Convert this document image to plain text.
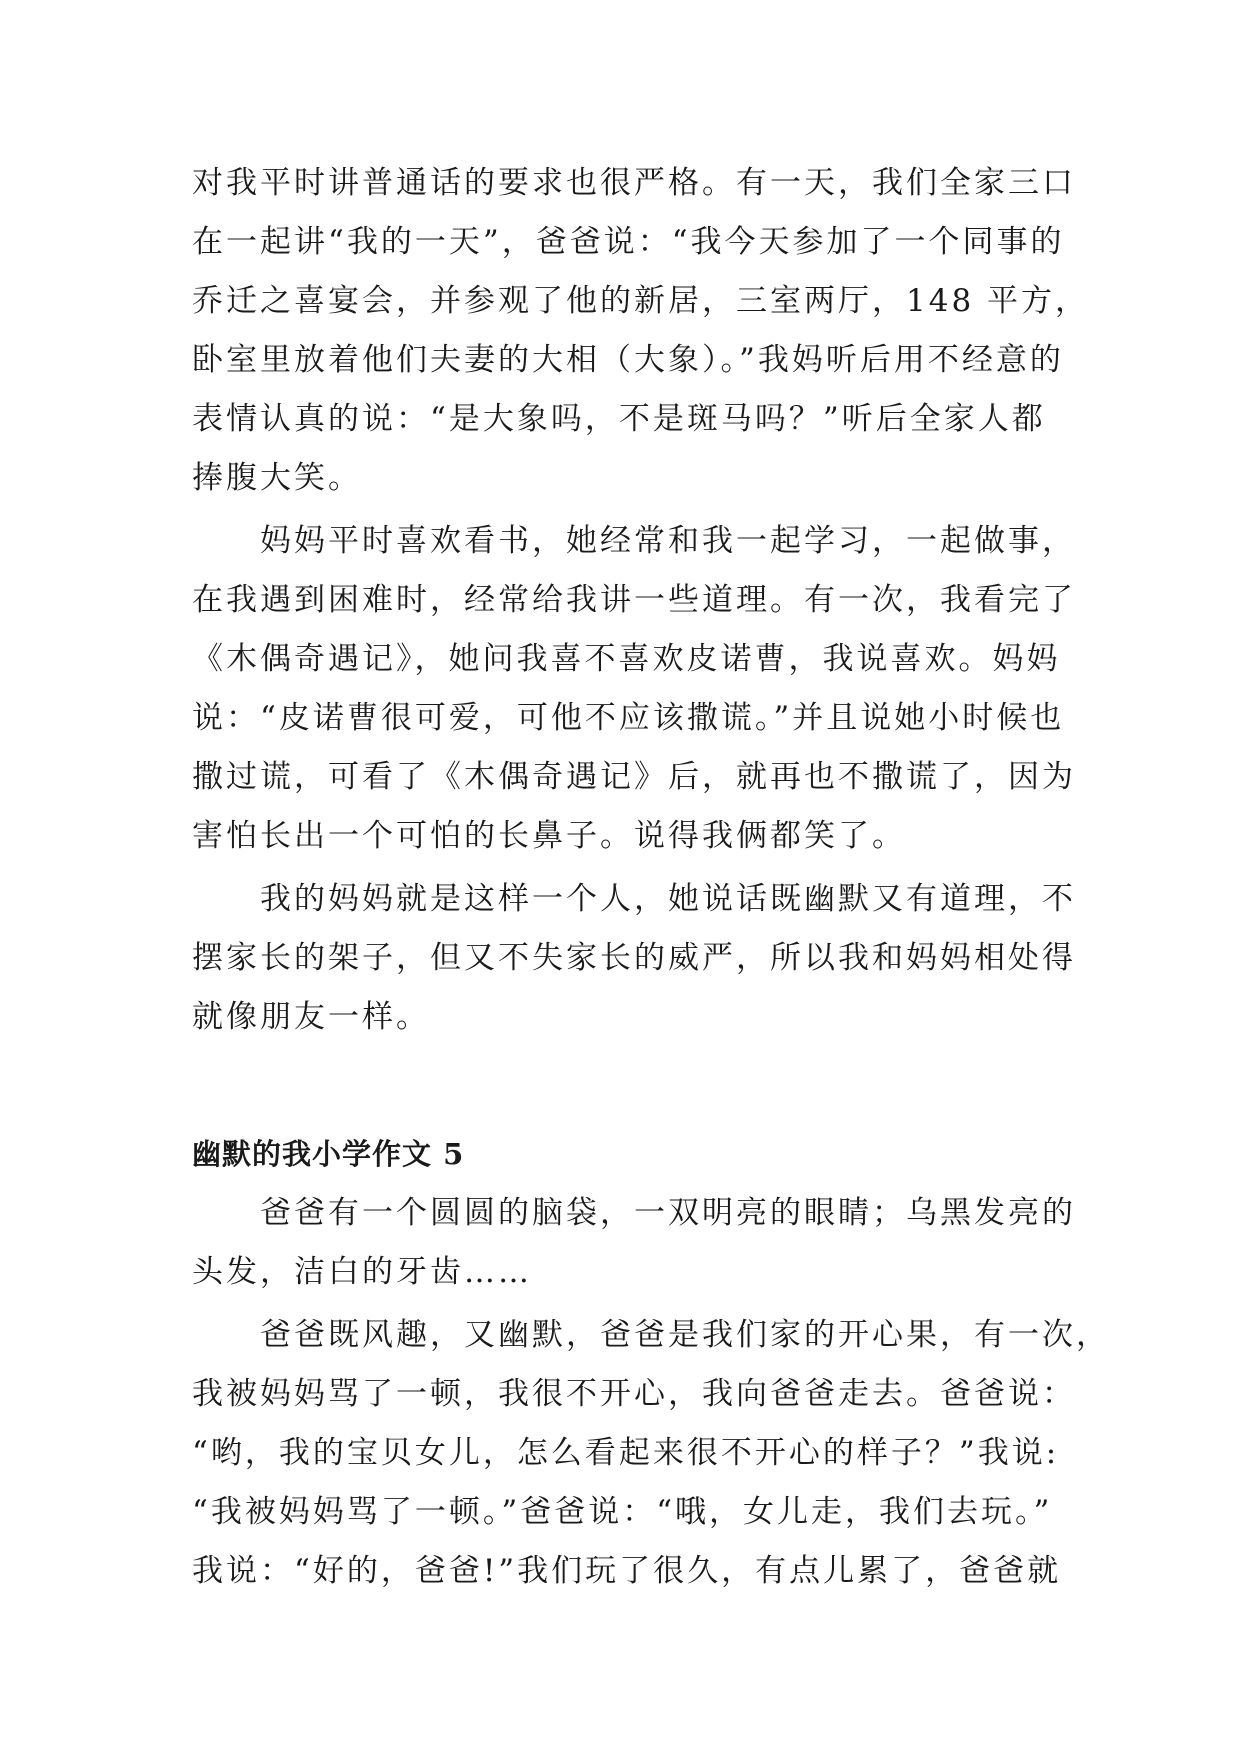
对我平时讲普通话的要求也很严格。有一天，我们全家三口

在一起讲“我的一天”，爸爸说：“我今天参加了一个同事的

乔迁之喜宴会，并参观了他的新居，三室两厅，148 平方，

卧室里放着他们夫妻的大相（大象）。”我妈听后用不经意的

表情认真的说：“是大象吗，不是斑马吗？”听后全家人都

捧腹大笑。

　　妈妈平时喜欢看书，她经常和我一起学习，一起做事，

在我遇到困难时，经常给我讲一些道理。有一次，我看完了

《木偶奇遇记》，她问我喜不喜欢皮诺曹，我说喜欢。妈妈

说：“皮诺曹很可爱，可他不应该撒谎。”并且说她小时候也

撒过谎，可看了《木偶奇遇记》后，就再也不撒谎了，因为

害怕长出一个可怕的长鼻子。说得我俩都笑了。

　　我的妈妈就是这样一个人，她说话既幽默又有道理，不

摆家长的架子，但又不失家长的威严，所以我和妈妈相处得

就像朋友一样。

幽默的我小学作文 5

　　爸爸有一个圆圆的脑袋，一双明亮的眼睛；乌黑发亮的

头发，洁白的牙齿……

　　爸爸既风趣，又幽默，爸爸是我们家的开心果，有一次，

我被妈妈骂了一顿，我很不开心，我向爸爸走去。爸爸说：

“哟，我的宝贝女儿，怎么看起来很不开心的样子？”我说:

“我被妈妈骂了一顿。”爸爸说：“哦，女儿走，我们去玩。”

我说：“好的，爸爸!”我们玩了很久，有点儿累了，爸爸就
